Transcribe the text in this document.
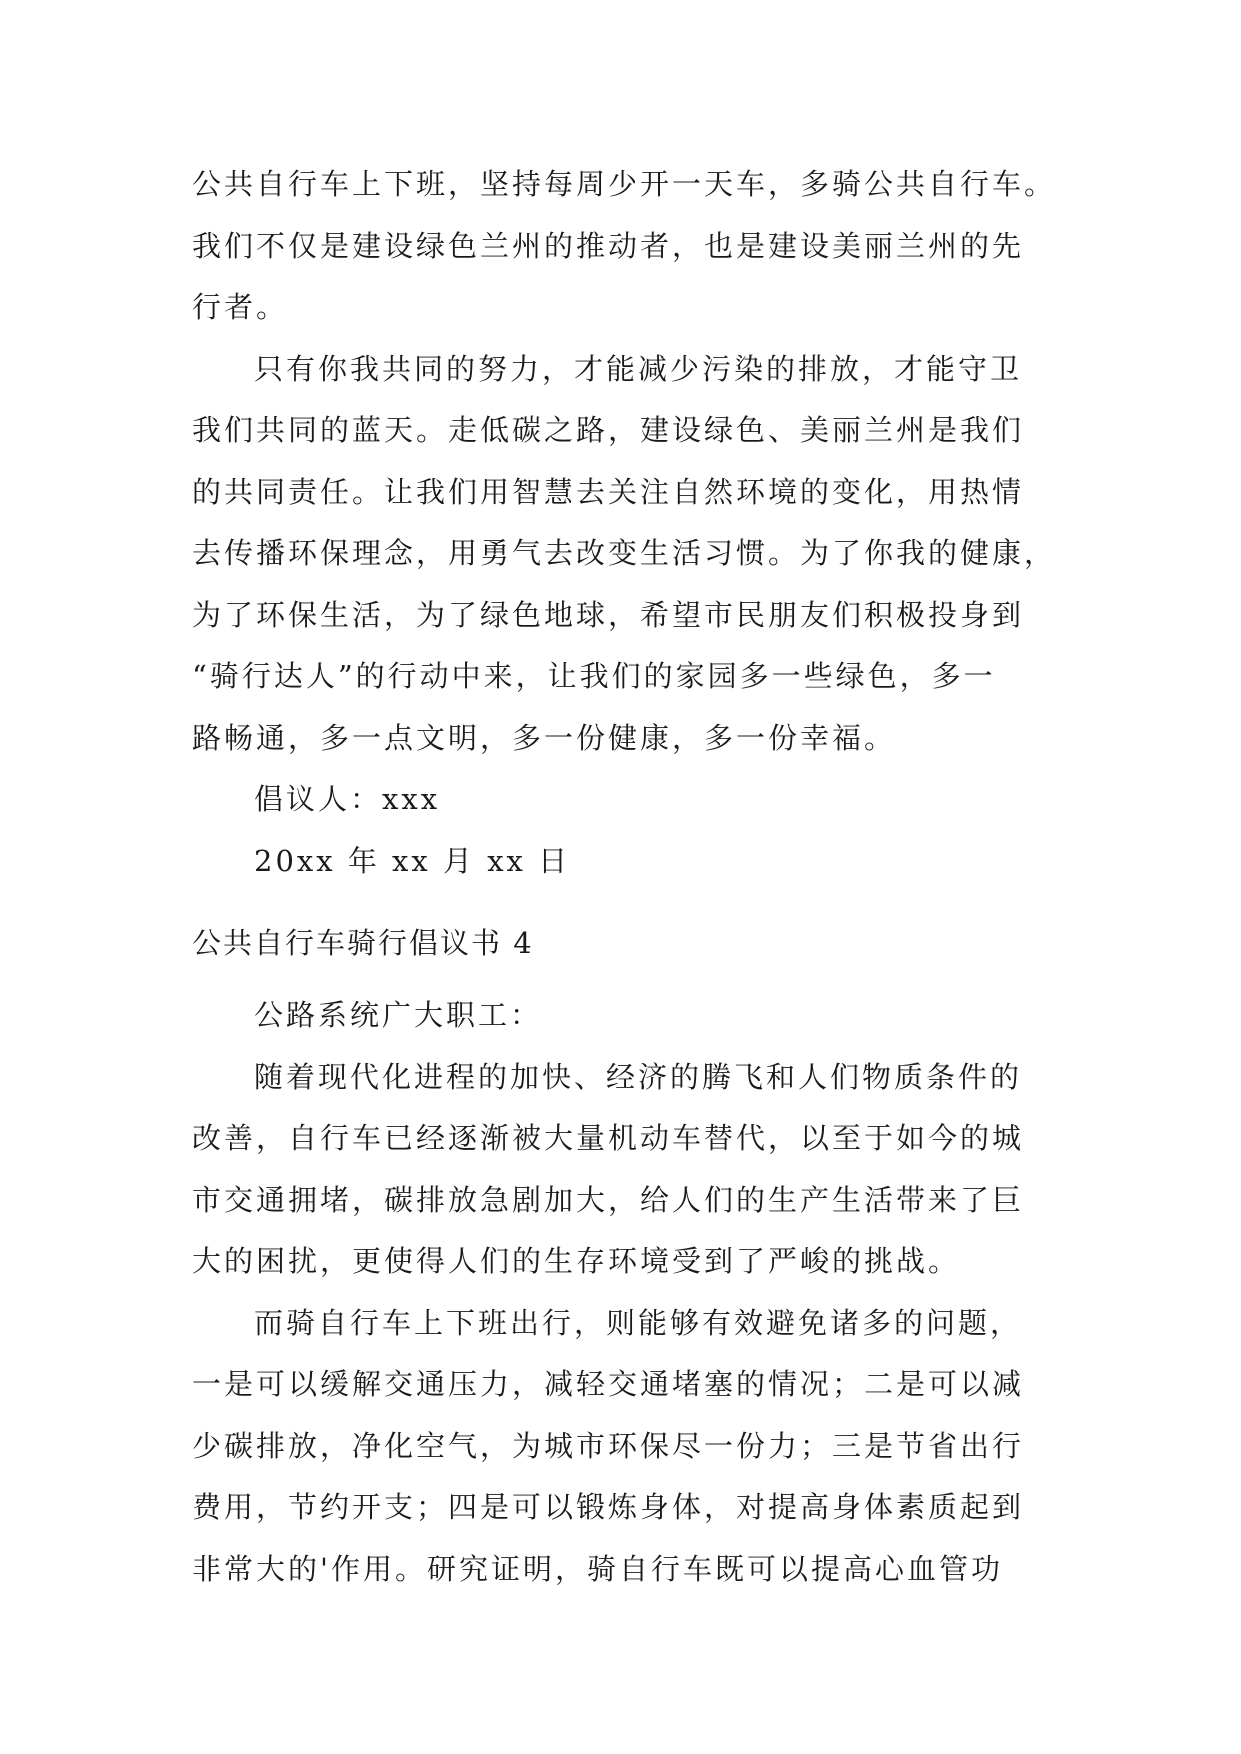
公共自行车上下班，坚持每周少开一天车，多骑公共自行车。
我们不仅是建设绿色兰州的推动者，也是建设美丽兰州的先
行者。
只有你我共同的努力，才能减少污染的排放，才能守卫
我们共同的蓝天。走低碳之路，建设绿色、美丽兰州是我们
的共同责任。让我们用智慧去关注自然环境的变化，用热情
去传播环保理念，用勇气去改变生活习惯。为了你我的健康，
为了环保生活，为了绿色地球，希望市民朋友们积极投身到
“骑行达人”的行动中来，让我们的家园多一些绿色，多一
路畅通，多一点文明，多一份健康，多一份幸福。
倡议人：xxx
20xx 年 xx 月 xx 日
公共自行车骑行倡议书 4
公路系统广大职工：
随着现代化进程的加快、经济的腾飞和人们物质条件的
改善，自行车已经逐渐被大量机动车替代，以至于如今的城
市交通拥堵，碳排放急剧加大，给人们的生产生活带来了巨
大的困扰，更使得人们的生存环境受到了严峻的挑战。
而骑自行车上下班出行，则能够有效避免诸多的问题，
一是可以缓解交通压力，减轻交通堵塞的情况；二是可以减
少碳排放，净化空气，为城市环保尽一份力；三是节省出行
费用，节约开支；四是可以锻炼身体，对提高身体素质起到
非常大的'作用。研究证明，骑自行车既可以提高心血管功
